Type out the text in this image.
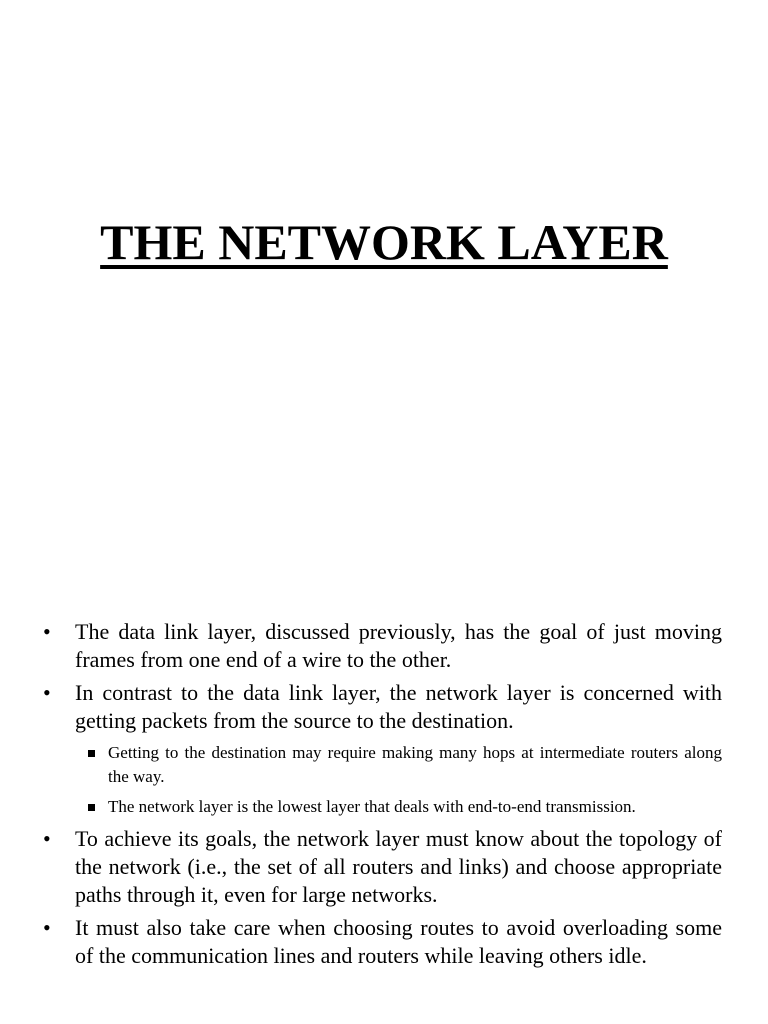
THE NETWORK LAYER
• The data link layer, discussed previously, has the goal of just moving frames from one end of a wire to the other.
• In contrast to the data link layer, the network layer is concerned with getting packets from the source to the destination.
Getting to the destination may require making many hops at intermediate routers along the way.
The network layer is the lowest layer that deals with end-to-end transmission.
• To achieve its goals, the network layer must know about the topology of the network (i.e., the set of all routers and links) and choose appropriate paths through it, even for large networks.
• It must also take care when choosing routes to avoid overloading some of the communication lines and routers while leaving others idle.
